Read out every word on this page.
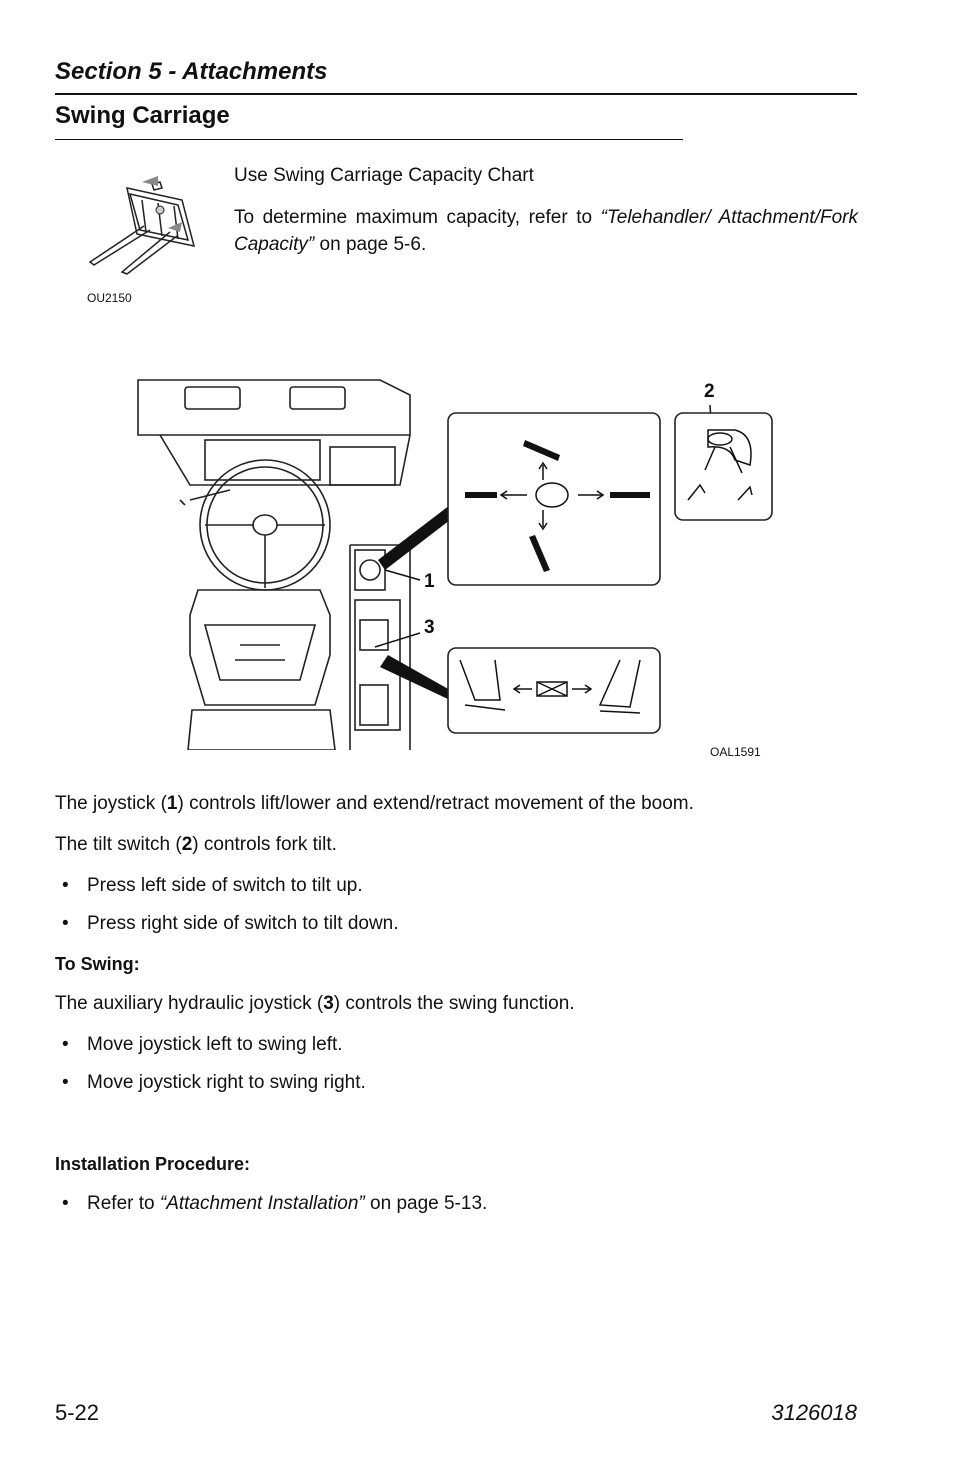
Section 5 - Attachments
Swing Carriage
OU2150
Use Swing Carriage Capacity Chart
To determine maximum capacity, refer to “Telehandler/ Attachment/Fork Capacity” on page 5-6.
2
1
3
OAL1591
The joystick (1) controls lift/lower and extend/retract movement of the boom.
The tilt switch (2) controls fork tilt.
• Press left side of switch to tilt up.
• Press right side of switch to tilt down.
To Swing:
The auxiliary hydraulic joystick (3) controls the swing function.
• Move joystick left to swing left.
• Move joystick right to swing right.
Installation Procedure:
• Refer to “Attachment Installation” on page 5-13.
5-22	3126018
